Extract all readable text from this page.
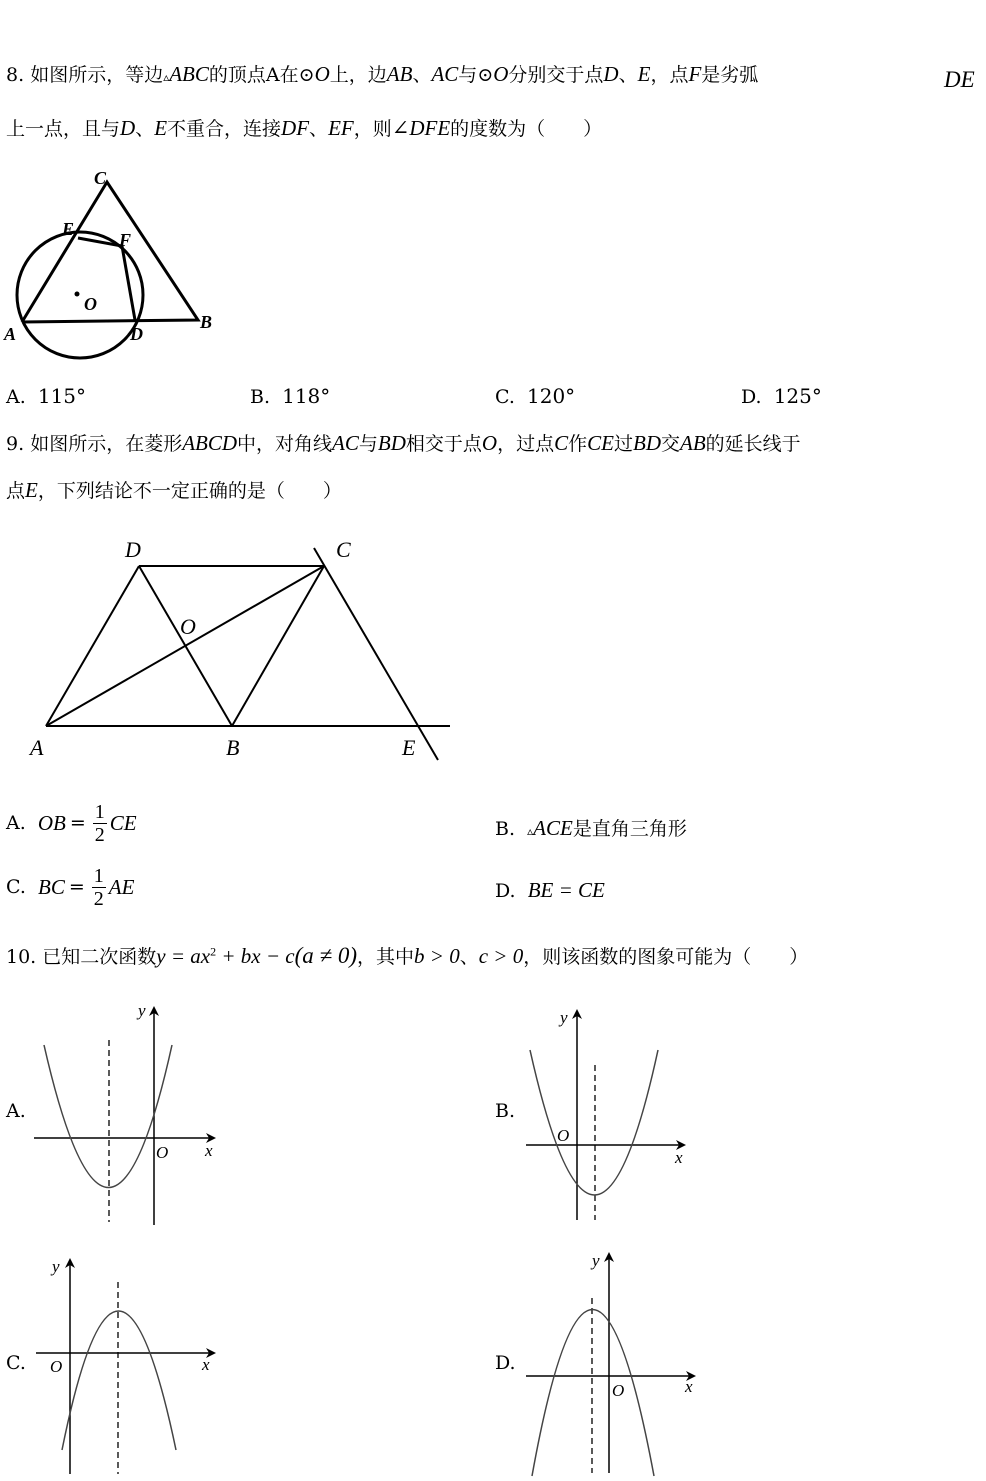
8. 如图所示，等边▵ABC的顶点A在⊙O上，边AB、AC与⊙O分别交于点D、E，点F是劣弧	DE
上一点，且与D、E不重合，连接DF、EF，则∠DFE的度数为（　　）
C
E
F
O
A	D
B
A. 115°	B. 118°	C. 120°	D. 125°
9. 如图所示，在菱形ABCD中，对角线AC与BD相交于点O，过点C作CE过BD交AB的延长线于
点E，下列结论不一定正确的是（　　）
D	C
O
A	B	E
A. OB = $\frac{1}{2}$ CE	B. ▵ACE是直角三角形
C. BC = $\frac{1}{2}$ AE	D. BE = CE
10. 已知二次函数$y = ax^2$ + bx − c(a ≠ 0)，其中b > 0、c > 0，则该函数的图象可能为（　　）
A.	B.
C.	D.
y
x
O
y
x
O
y
x
O
y
x
O
